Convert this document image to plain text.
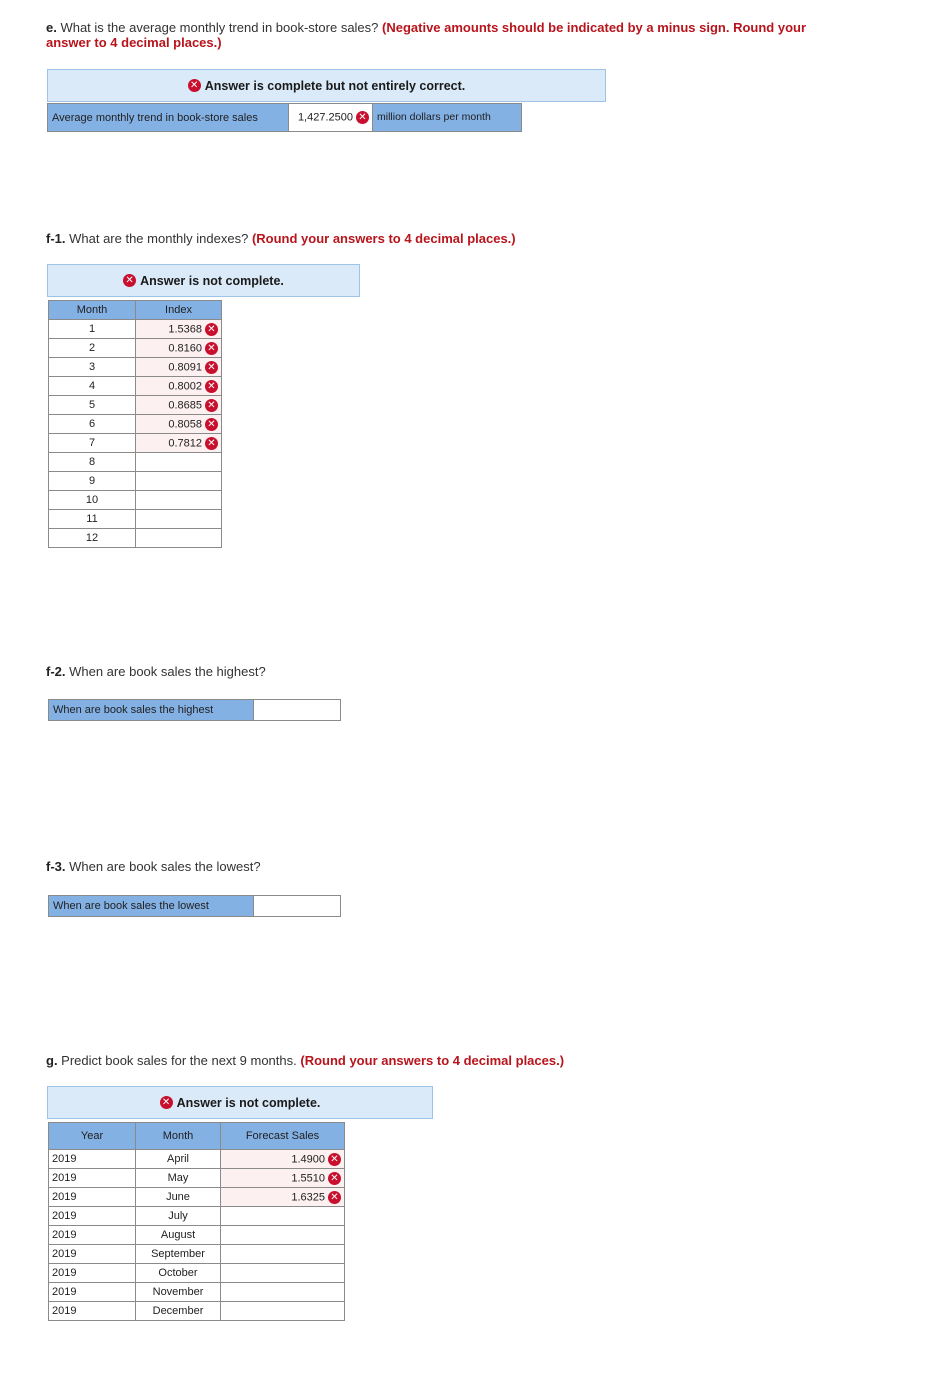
e. What is the average monthly trend in book-store sales? (Negative amounts should be indicated by a minus sign. Round your answer to 4 decimal places.)
✕ Answer is complete but not entirely correct.
Average monthly trend in book-store sales	1,427.2500 ✕	million dollars per month
f-1. What are the monthly indexes? (Round your answers to 4 decimal places.)
✕ Answer is not complete.
Month	Index
1	1.5368 ✕
2	0.8160 ✕
3	0.8091 ✕
4	0.8002 ✕
5	0.8685 ✕
6	0.8058 ✕
7	0.7812 ✕
8	
9	
10	
11	
12	
f-2. When are book sales the highest?
When are book sales the highest	
f-3. When are book sales the lowest?
When are book sales the lowest	
g. Predict book sales for the next 9 months. (Round your answers to 4 decimal places.)
✕ Answer is not complete.
Year	Month	Forecast Sales
2019	April	1.4900 ✕
2019	May	1.5510 ✕
2019	June	1.6325 ✕
2019	July	
2019	August	
2019	September	
2019	October	
2019	November	
2019	December	
